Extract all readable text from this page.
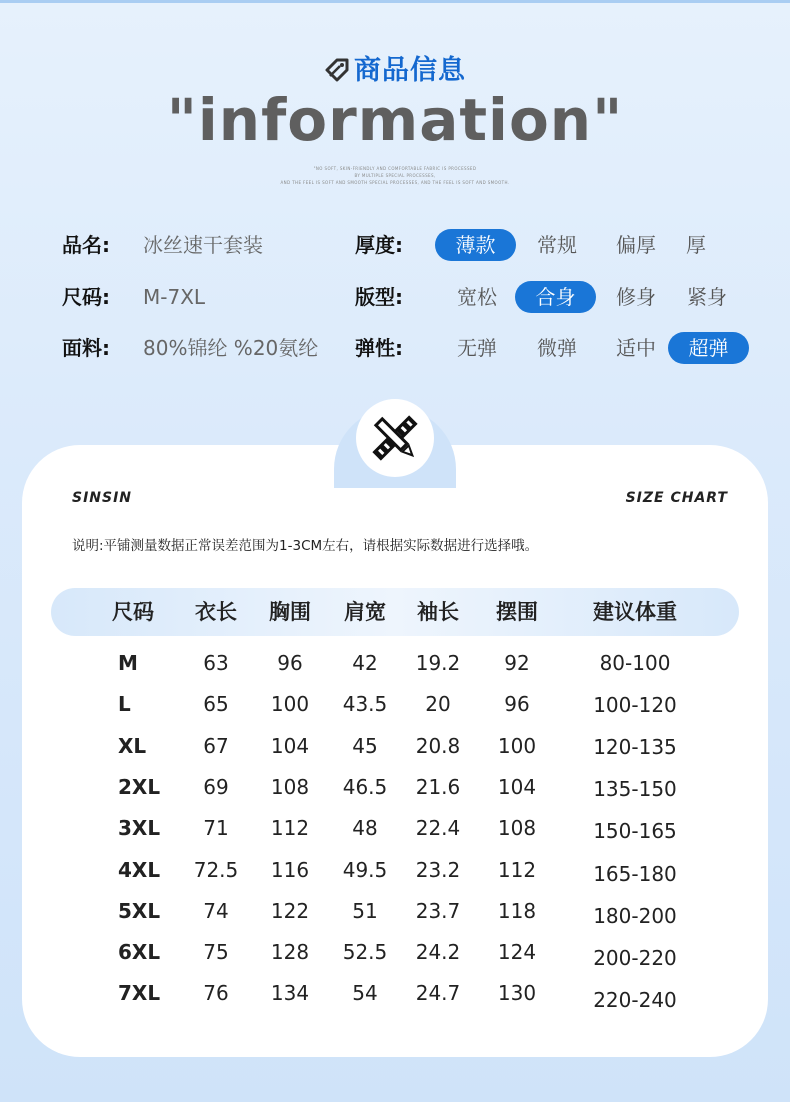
商品信息
"information"
"NO SOFT, SKIN-FRIENDLY AND COMFORTABLE FABRIC IS PROCESSED
BY MULTIPLE SPECIAL PROCESSES,
AND THE FEEL IS SOFT AND SMOOTH SPECIAL PROCESSES, AND THE FEEL IS SOFT AND SMOOTH.
品名: 冰丝速干套装	厚度:	薄款	常规	偏厚	厚
尺码: M-7XL	版型:	宽松	合身	修身	紧身
面料: 80%锦纶 %20氨纶 弹性:	无弹	微弹	适中	超弹
SINSIN	SIZE CHART
说明:平铺测量数据正常误差范围为1-3CM左右，请根据实际数据进行选择哦。
尺码	衣长	胸围	肩宽	袖长	摆围	建议体重
M	63	96	42	19.2	92	80-100
L	65	100	43.5	20	96	100-120
XL	67	104	45	20.8	100	120-135
2XL	69	108	46.5	21.6	104	135-150
3XL	71	112	48	22.4	108	150-165
4XL	72.5	116	49.5	23.2	112	165-180
5XL	74	122	51	23.7	118	180-200
6XL	75	128	52.5	24.2	124	200-220
7XL	76	134	54	24.7	130	220-240
